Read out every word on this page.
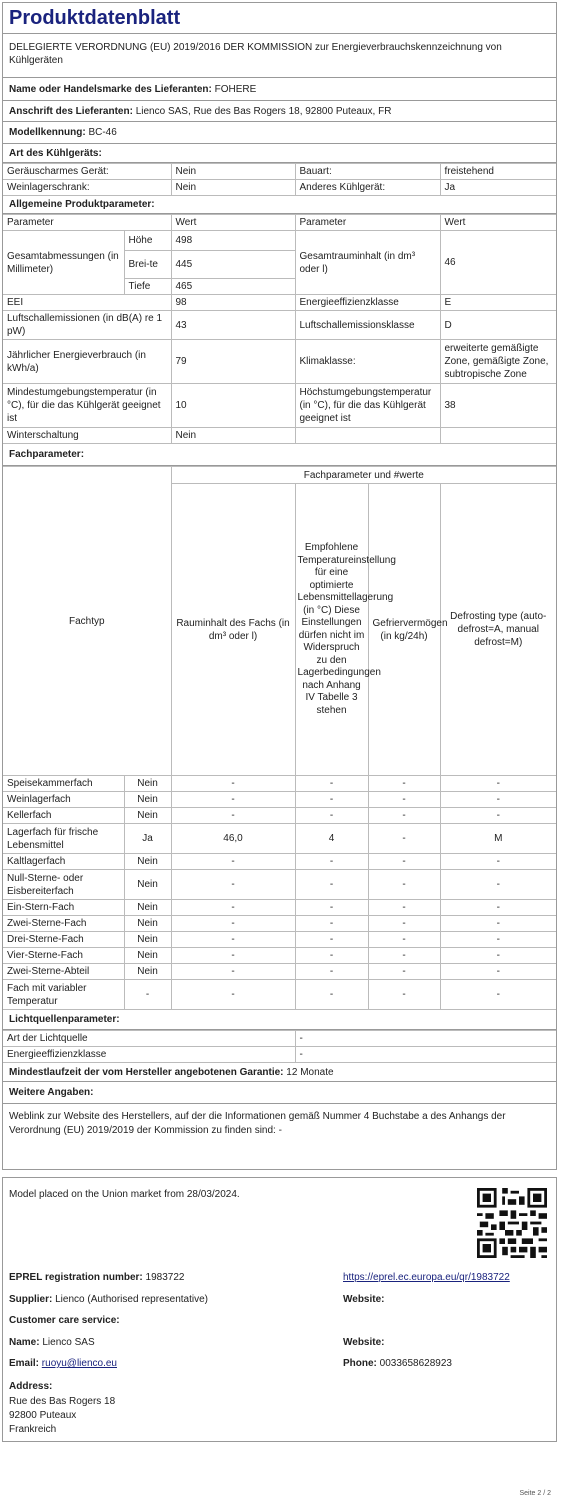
Produktdatenblatt
DELEGIERTE VERORDNUNG (EU) 2019/2016 DER KOMMISSION zur Energieverbrauchskennzeichnung von Kühlgeräten
Name oder Handelsmarke des Lieferanten:
FOHERE
Anschrift des Lieferanten:
Lienco SAS, Rue des Bas Rogers 18, 92800 Puteaux, FR
Modellkennung:
BC-46
Art des Kühlgeräts:
Geräuscharmes Gerät:	Nein	Bauart:	freistehend
Weinlagerschrank:	Nein	Anderes Kühlgerät:	Ja
Allgemeine Produktparameter:
Parameter		Wert	Parameter	Wert
Gesamtabmessungen (in Millimeter)	Höhe	498	Gesamtrauminhalt (in dm³ oder l)	46
	Brei-te	445		
	Tiefe	465		
EEI		98	Energieeffizienzklasse	E
Luftschallemissionen (in dB(A) re 1 pW)		43	Luftschallemissionsklasse	D
Jährlicher Energieverbrauch (in kWh/a)		79	Klimaklasse:	erweiterte gemäßigte Zone, gemäßigte Zone, subtropische Zone
Mindestumgebungstemperatur (in °C), für die das Kühlgerät geeignet ist		10	Höchstumgebungstemperatur (in °C), für die das Kühlgerät geeignet ist	38
Winterschaltung		Nein		
Fachparameter:
Fachtyp		Fachparameter und #werte			
		Rauminhalt des Fachs (in dm³ oder l)	Empfohlene Temperatureinstellung für eine optimierte Lebensmittellagerung (in °C) Diese Einstellungen dürfen nicht im Widerspruch zu den Lagerbedingungen nach Anhang IV Tabelle 3 stehen	Gefriervermögen (in kg/24h)	Defrosting type (auto-defrost=A, manual defrost=M)
Speisekammerfach	Nein	-	-	-	-
Weinlagerfach	Nein	-	-	-	-
Kellerfach	Nein	-	-	-	-
Lagerfach für frische Lebensmittel	Ja	46,0	4	-	M
Kaltlagerfach	Nein	-	-	-	-
Null-Sterne- oder Eisbereiterfach	Nein	-	-	-	-
Ein-Stern-Fach	Nein	-	-	-	-
Zwei-Sterne-Fach	Nein	-	-	-	-
Drei-Sterne-Fach	Nein	-	-	-	-
Vier-Sterne-Fach	Nein	-	-	-	-
Zwei-Sterne-Abteil	Nein	-	-	-	-
Fach mit variabler Temperatur	-	-	-	-	-
Lichtquellenparameter:
Art der Lichtquelle	-
Energieeffizienzklasse	-
Mindestlaufzeit der vom Hersteller angebotenen Garantie:
12 Monate
Weitere Angaben:
Weblink zur Website des Herstellers, auf der die Informationen gemäß Nummer 4 Buchstabe a des Anhangs der Verordnung (EU) 2019/2019 der Kommission zu finden sind: -
Model placed on the Union market from 28/03/2024.
EPREL registration number: 1983722	https://eprel.ec.europa.eu/qr/1983722
Supplier: Lienco (Authorised representative)	Website:
Customer care service:
Name: Lienco SAS	Website:
Email: ruoyu@lienco.eu	Phone: 0033658628923
Address:
Rue des Bas Rogers 18
92800 Puteaux
Frankreich
Seite 2 / 2
